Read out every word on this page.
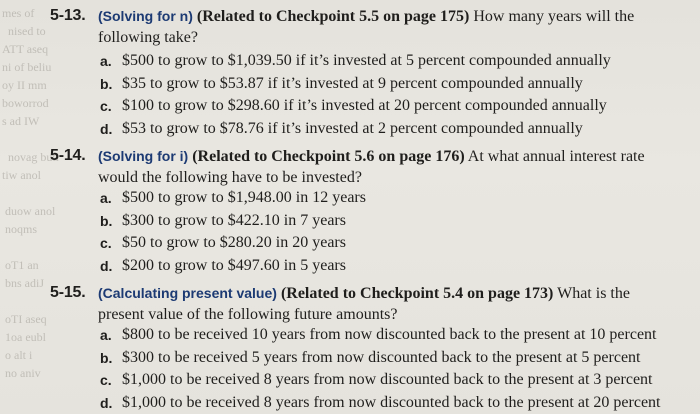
mes of
nised to
ATT aseq
ni of beliu
oy II mm
boworrod
s ad IW

novag butl
tiw anol

duow anol
noqms

oT1 an
bns adiJ

oTI aseq
1oa eubl
o alt i
no aniv
5-13. (Solving for n) (Related to Checkpoint 5.5 on page 175) How many years will the following take?
a. $500 to grow to $1,039.50 if it’s invested at 5 percent compounded annually
b. $35 to grow to $53.87 if it’s invested at 9 percent compounded annually
c. $100 to grow to $298.60 if it’s invested at 20 percent compounded annually
d. $53 to grow to $78.76 if it’s invested at 2 percent compounded annually
5-14. (Solving for i) (Related to Checkpoint 5.6 on page 176) At what annual interest rate would the following have to be invested?
a. $500 to grow to $1,948.00 in 12 years
b. $300 to grow to $422.10 in 7 years
c. $50 to grow to $280.20 in 20 years
d. $200 to grow to $497.60 in 5 years
5-15. (Calculating present value) (Related to Checkpoint 5.4 on page 173) What is the present value of the following future amounts?
a. $800 to be received 10 years from now discounted back to the present at 10 percent
b. $300 to be received 5 years from now discounted back to the present at 5 percent
c. $1,000 to be received 8 years from now discounted back to the present at 3 percent
d. $1,000 to be received 8 years from now discounted back to the present at 20 percent
